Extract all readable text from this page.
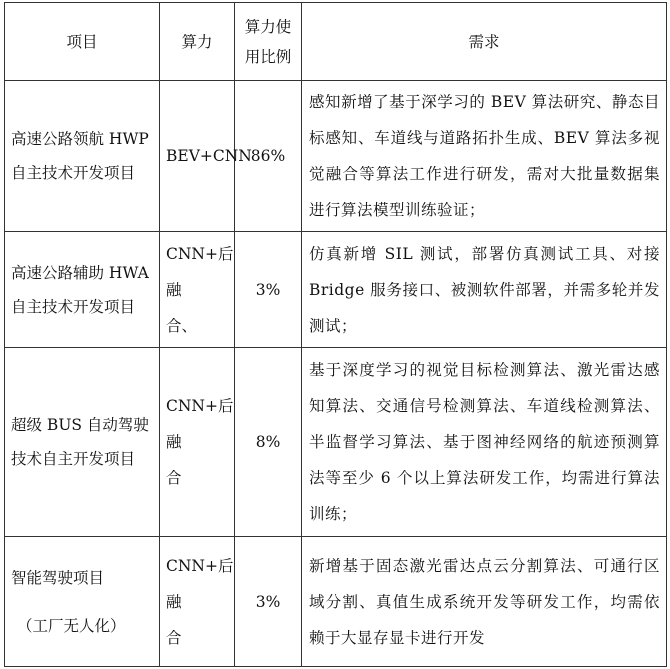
项目	算力	算力使
用比例	需求

高速公路领航 HWP
自主技术开发项目	BEV+CNN	86%	感知新增了基于深学习的 BEV 算法研究、静态目标感知、车道线与道路拓扑生成、BEV 算法多视觉融合等算法工作进行研发，需对大批量数据集进行算法模型训练验证；

高速公路辅助 HWA
自主技术开发项目	CNN+后融
合、	3%	仿真新增 SIL 测试，部署仿真测试工具、对接 Bridge 服务接口、被测软件部署，并需多轮并发测试；

超级 BUS 自动驾驶
技术自主开发项目	CNN+后融
合	8%	基于深度学习的视觉目标检测算法、激光雷达感知算法、交通信号检测算法、车道线检测算法、半监督学习算法、基于图神经网络的航迹预测算法等至少 6 个以上算法研发工作，均需进行算法训练；

智能驾驶项目
（工厂无人化）	CNN+后融
合	3%	新增基于固态激光雷达点云分割算法、可通行区域分割、真值生成系统开发等研发工作，均需依赖于大显存显卡进行开发
